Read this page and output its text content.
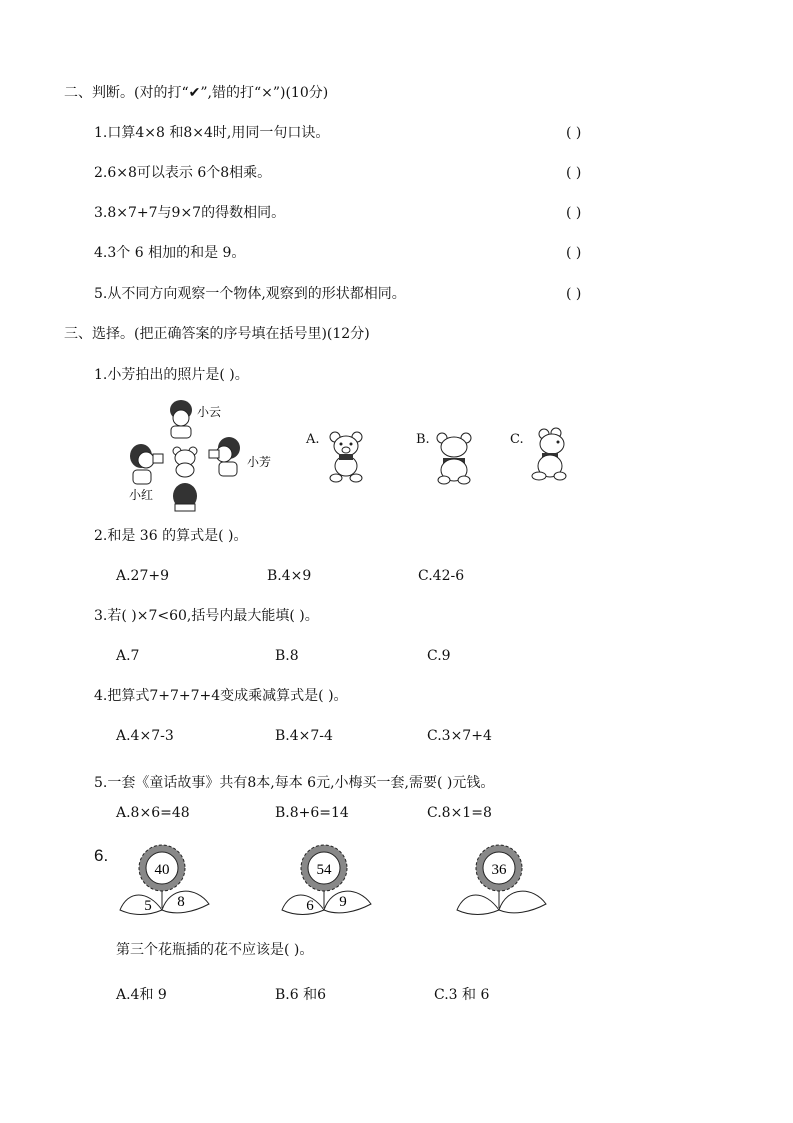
二、判断。(对的打“✔”,错的打“×”)(10分)
1.口算4×8 和8×4时,用同一句口诀。	( )
2.6×8可以表示 6个8相乘。	( )
3.8×7+7与9×7的得数相同。	( )
4.3个 6 相加的和是 9。	( )
5.从不同方向观察一个物体,观察到的形状都相同。	( )
三、选择。(把正确答案的序号填在括号里)(12分)
1.小芳拍出的照片是( )。
小云
小芳
小红
A.	B.	C.
2.和是 36 的算式是( )。
A.27+9	B.4×9	C.42-6
3.若( )×7<60,括号内最大能填( )。
A.7	B.8	C.9
4.把算式7+7+7+4变成乘减算式是( )。
A.4×7-3	B.4×7-4	C.3×7+4
5.一套《童话故事》共有8本,每本 6元,小梅买一套,需要( )元钱。
A.8×6=48	B.8+6=14	C.8×1=8
6.
40
5 8
54
6 9
36
第三个花瓶插的花不应该是( )。
A.4和 9	B.6 和6	C.3 和 6
